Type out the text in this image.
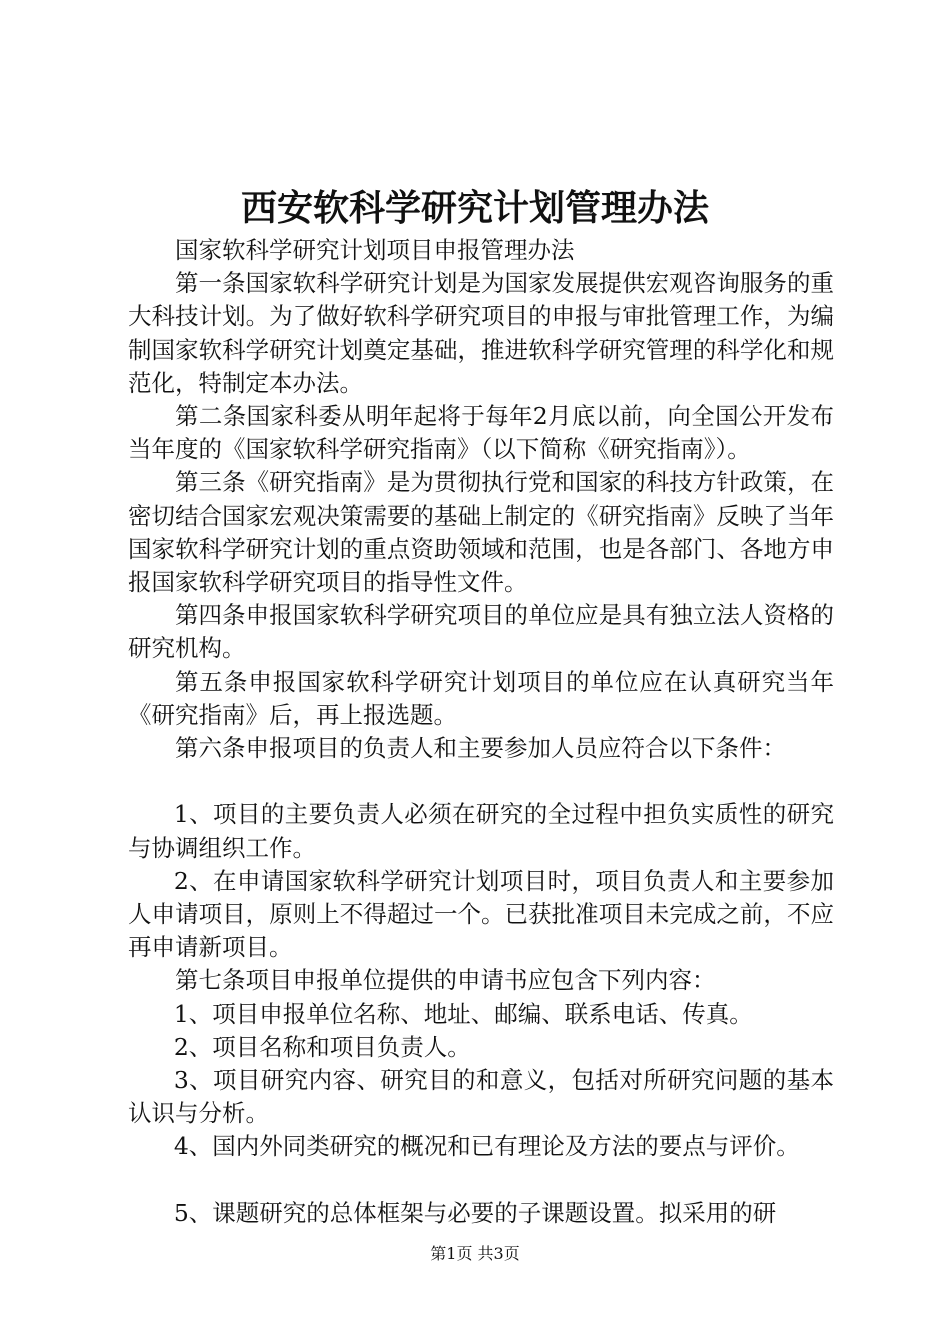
西安软科学研究计划管理办法

国家软科学研究计划项目申报管理办法

第一条国家软科学研究计划是为国家发展提供宏观咨询服务的重大科技计划。为了做好软科学研究项目的申报与审批管理工作，为编制国家软科学研究计划奠定基础，推进软科学研究管理的科学化和规范化，特制定本办法。

第二条国家科委从明年起将于每年2月底以前，向全国公开发布当年度的《国家软科学研究指南》（以下简称《研究指南》）。

第三条《研究指南》是为贯彻执行党和国家的科技方针政策，在密切结合国家宏观决策需要的基础上制定的《研究指南》反映了当年国家软科学研究计划的重点资助领域和范围，也是各部门、各地方申报国家软科学研究项目的指导性文件。

第四条申报国家软科学研究项目的单位应是具有独立法人资格的研究机构。

第五条申报国家软科学研究计划项目的单位应在认真研究当年《研究指南》后，再上报选题。

第六条申报项目的负责人和主要参加人员应符合以下条件：

1、项目的主要负责人必须在研究的全过程中担负实质性的研究与协调组织工作。

2、在申请国家软科学研究计划项目时，项目负责人和主要参加人申请项目，原则上不得超过一个。已获批准项目未完成之前，不应再申请新项目。

第七条项目申报单位提供的申请书应包含下列内容：

1、项目申报单位名称、地址、邮编、联系电话、传真。

2、项目名称和项目负责人。

3、项目研究内容、研究目的和意义，包括对所研究问题的基本认识与分析。

4、国内外同类研究的概况和已有理论及方法的要点与评价。

5、课题研究的总体框架与必要的子课题设置。拟采用的研

第1页 共3页
